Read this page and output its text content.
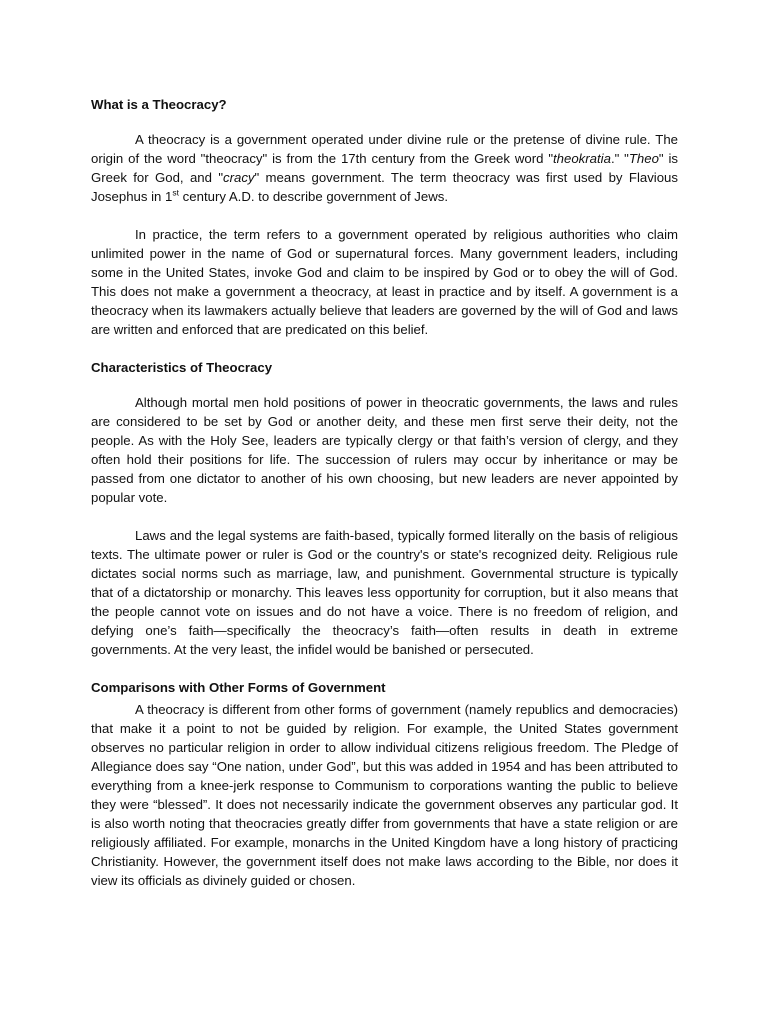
What is a Theocracy?

A theocracy is a government operated under divine rule or the pretense of divine rule. The origin of the word "theocracy" is from the 17th century from the Greek word "theokratia." "Theo" is Greek for God, and "cracy" means government. The term theocracy was first used by Flavious Josephus in 1st century A.D. to describe government of Jews.

In practice, the term refers to a government operated by religious authorities who claim unlimited power in the name of God or supernatural forces. Many government leaders, including some in the United States, invoke God and claim to be inspired by God or to obey the will of God. This does not make a government a theocracy, at least in practice and by itself. A government is a theocracy when its lawmakers actually believe that leaders are governed by the will of God and laws are written and enforced that are predicated on this belief.

Characteristics of Theocracy

Although mortal men hold positions of power in theocratic governments, the laws and rules are considered to be set by God or another deity, and these men first serve their deity, not the people. As with the Holy See, leaders are typically clergy or that faith’s version of clergy, and they often hold their positions for life. The succession of rulers may occur by inheritance or may be passed from one dictator to another of his own choosing, but new leaders are never appointed by popular vote.

Laws and the legal systems are faith-based, typically formed literally on the basis of religious texts. The ultimate power or ruler is God or the country's or state's recognized deity. Religious rule dictates social norms such as marriage, law, and punishment. Governmental structure is typically that of a dictatorship or monarchy. This leaves less opportunity for corruption, but it also means that the people cannot vote on issues and do not have a voice. There is no freedom of religion, and defying one’s faith—specifically the theocracy’s faith—often results in death in extreme governments. At the very least, the infidel would be banished or persecuted.

Comparisons with Other Forms of Government

A theocracy is different from other forms of government (namely republics and democracies) that make it a point to not be guided by religion. For example, the United States government observes no particular religion in order to allow individual citizens religious freedom. The Pledge of Allegiance does say “One nation, under God”, but this was added in 1954 and has been attributed to everything from a knee-jerk response to Communism to corporations wanting the public to believe they were “blessed”. It does not necessarily indicate the government observes any particular god. It is also worth noting that theocracies greatly differ from governments that have a state religion or are religiously affiliated. For example, monarchs in the United Kingdom have a long history of practicing Christianity. However, the government itself does not make laws according to the Bible, nor does it view its officials as divinely guided or chosen.
